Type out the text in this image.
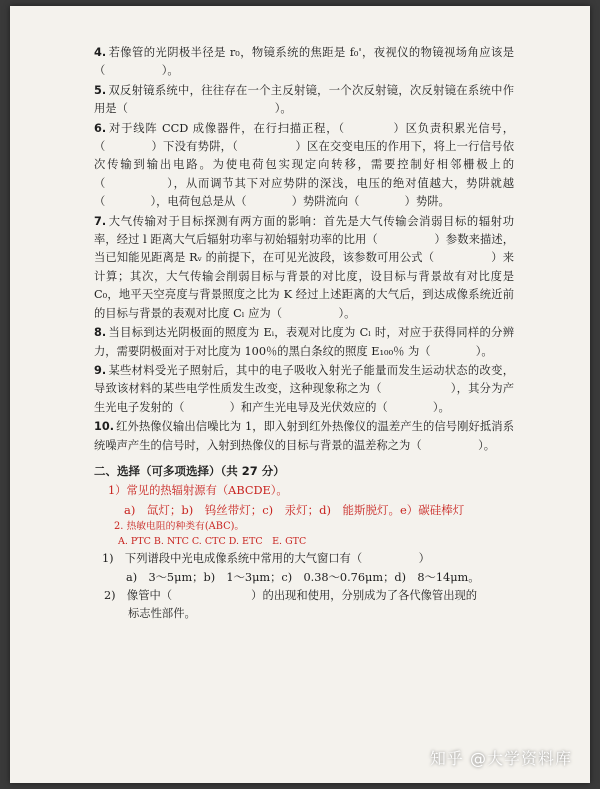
4. 若像管的光阴极半径是 r₀，物镜系统的焦距是 f₀'，夜视仪的物镜视场角应该是（　　　　　）。

5. 双反射镜系统中，往往存在一个主反射镜，一个次反射镜，次反射镜在系统中作用是（　　　　　　　　　　　　　）。

6. 对于线阵 CCD 成像器件，在行扫描正程，（　　　　）区负责积累光信号，（　　　　）下没有势阱，（　　　　　）区在交变电压的作用下，将上一行信号依次传输到输出电路。为使电荷包实现定向转移，需要控制好相邻栅极上的（　　　　　），从而调节其下对应势阱的深浅，电压的绝对值越大，势阱就越（　　　　），电荷包总是从（　　　　）势阱流向（　　　　）势阱。

7. 大气传输对于目标探测有两方面的影响：首先是大气传输会消弱目标的辐射功率，经过 l 距离大气后辐射功率与初始辐射功率的比用（　　　　　）参数来描述，当已知能见距离是 Rᵥ 的前提下，在可见光波段，该参数可用公式（　　　　　）来计算；其次，大气传输会削弱目标与背景的对比度，设目标与背景故有对比度是 C₀，地平天空亮度与背景照度之比为 K 经过上述距离的大气后，到达成像系统近前的目标与背景的表观对比度 Cₗ 应为（　　　　　）。

8. 当目标到达光阴极面的照度为 Eᵢ，表观对比度为 Cₗ 时，对应于获得同样的分辨力，需要阴极面对于对比度为 100％的黑白条纹的照度 E₁₀₀％ 为（　　　　）。

9. 某些材料受光子照射后，其中的电子吸收入射光子能量而发生运动状态的改变，导致该材料的某些电学性质发生改变，这种现象称之为（　　　　　　），其分为产生光电子发射的（　　　　）和产生光电导及光伏效应的（　　　　）。

10. 红外热像仪输出信噪比为 1，即入射到红外热像仪的温差产生的信号刚好抵消系统噪声产生的信号时，入射到热像仪的目标与背景的温差称之为（　　　　　）。

二、选择（可多项选择）（共 27 分）
1）常见的热辐射源有（ABCDE）。
a)　氙灯；b)　钨丝带灯；c)　汞灯；d)　能斯脱灯。e）碳硅棒灯
2. 热敏电阻的种类有(ABC)。
A. PTC B. NTC C. CTC D. ETC　E. GTC
1)　下列谱段中光电成像系统中常用的大气窗口有（　　　　　）
a)　3～5μm；b)　1～3μm；c)　0.38～0.76μm；d)　8～14μm。
2)　像管中（　　　　　　　）的出现和使用，分别成为了各代像管出现的
标志性部件。
知乎 @大学资料库
